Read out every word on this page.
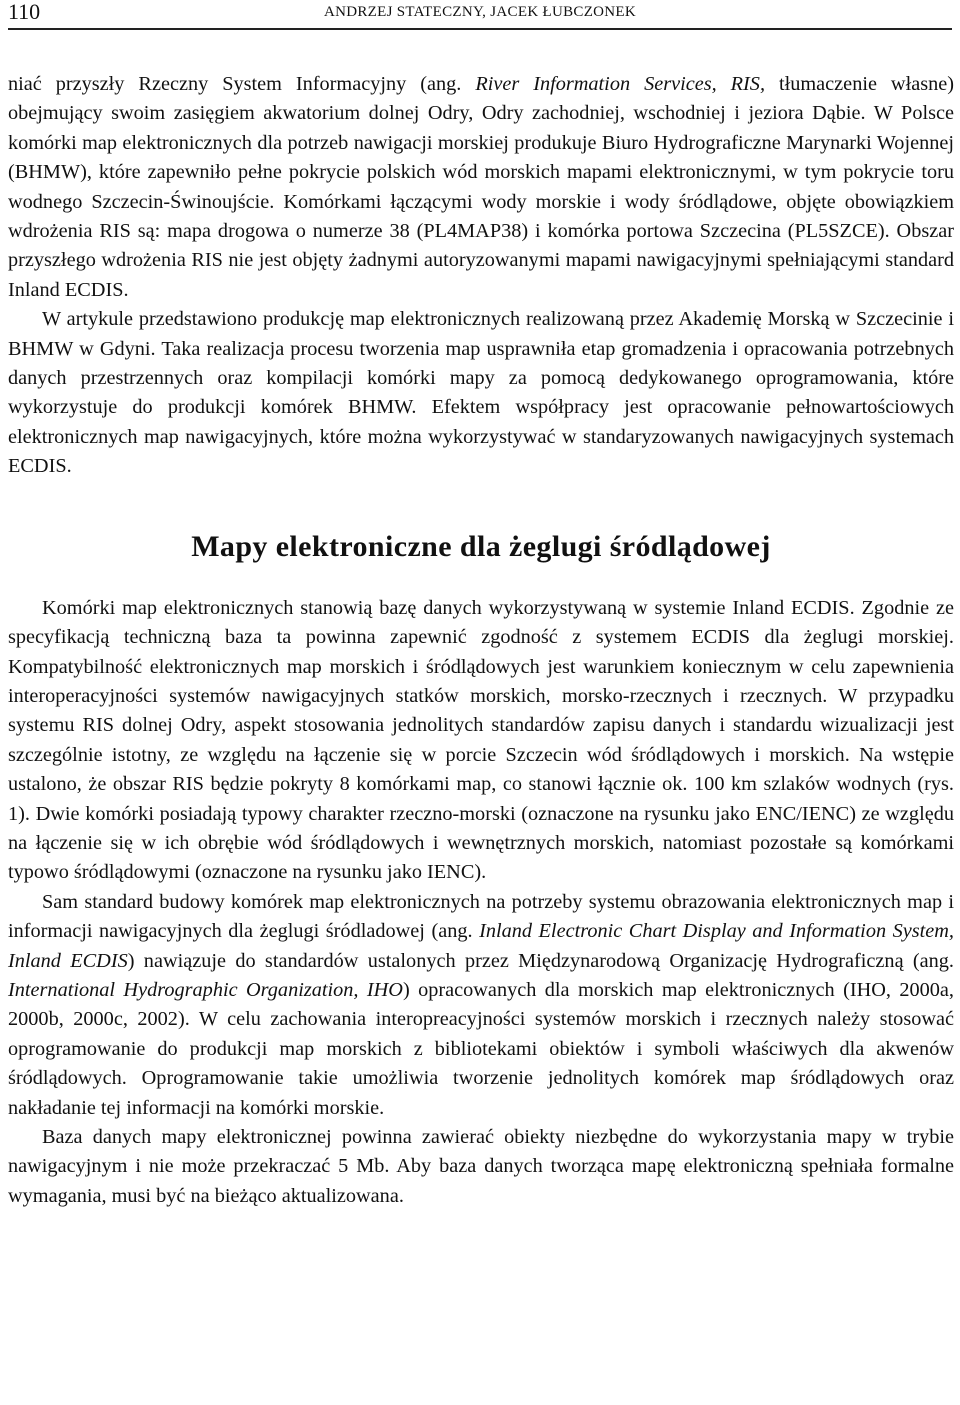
110	ANDRZEJ STATECZNY, JACEK ŁUBCZONEK

niać przyszły Rzeczny System Informacyjny (ang. River Information Services, RIS, tłumaczenie własne) obejmujący swoim zasięgiem akwatorium dolnej Odry, Odry zachodniej, wschodniej i jeziora Dąbie. W Polsce komórki map elektronicznych dla potrzeb nawigacji morskiej produkuje Biuro Hydrograficzne Marynarki Wojennej (BHMW), które zapewniło pełne pokrycie polskich wód morskich mapami elektronicznymi, w tym pokrycie toru wodnego Szczecin-Świnoujście. Komórkami łączącymi wody morskie i wody śródlądowe, objęte obowiązkiem wdrożenia RIS są: mapa drogowa o numerze 38 (PL4MAP38) i komórka portowa Szczecina (PL5SZCE). Obszar przyszłego wdrożenia RIS nie jest objęty żadnymi autoryzowanymi mapami nawigacyjnymi spełniającymi standard Inland ECDIS.

W artykule przedstawiono produkcję map elektronicznych realizowaną przez Akademię Morską w Szczecinie i BHMW w Gdyni. Taka realizacja procesu tworzenia map usprawniła etap gromadzenia i opracowania potrzebnych danych przestrzennych oraz kompilacji komórki mapy za pomocą dedykowanego oprogramowania, które wykorzystuje do produkcji komórek BHMW. Efektem współpracy jest opracowanie pełnowartościowych elektronicznych map nawigacyjnych, które można wykorzystywać w standaryzowanych nawigacyjnych systemach ECDIS.

Mapy elektroniczne dla żeglugi śródlądowej

Komórki map elektronicznych stanowią bazę danych wykorzystywaną w systemie Inland ECDIS. Zgodnie ze specyfikacją techniczną baza ta powinna zapewnić zgodność z systemem ECDIS dla żeglugi morskiej. Kompatybilność elektronicznych map morskich i śródlądowych jest warunkiem koniecznym w celu zapewnienia interoperacyjności systemów nawigacyjnych statków morskich, morsko-rzecznych i rzecznych. W przypadku systemu RIS dolnej Odry, aspekt stosowania jednolitych standardów zapisu danych i standardu wizualizacji jest szczególnie istotny, ze względu na łączenie się w porcie Szczecin wód śródlądowych i morskich. Na wstępie ustalono, że obszar RIS będzie pokryty 8 komórkami map, co stanowi łącznie ok. 100 km szlaków wodnych (rys. 1). Dwie komórki posiadają typowy charakter rzeczno-morski (oznaczone na rysunku jako ENC/IENC) ze względu na łączenie się w ich obrębie wód śródlądowych i wewnętrznych morskich, natomiast pozostałe są komórkami typowo śródlądowymi (oznaczone na rysunku jako IENC).

Sam standard budowy komórek map elektronicznych na potrzeby systemu obrazowania elektronicznych map i informacji nawigacyjnych dla żeglugi śródladowej (ang. Inland Electronic Chart Display and Information System, Inland ECDIS) nawiązuje do standardów ustalonych przez Międzynarodową Organizację Hydrograficzną (ang. International Hydrographic Organization, IHO) opracowanych dla morskich map elektronicznych (IHO, 2000a, 2000b, 2000c, 2002). W celu zachowania interopreacyjności systemów morskich i rzecznych należy stosować oprogramowanie do produkcji map morskich z bibliotekami obiektów i symboli właściwych dla akwenów śródlądowych. Oprogramowanie takie umożliwia tworzenie jednolitych komórek map śródlądowych oraz nakładanie tej informacji na komórki morskie.

Baza danych mapy elektronicznej powinna zawierać obiekty niezbędne do wykorzystania mapy w trybie nawigacyjnym i nie może przekraczać 5 Mb. Aby baza danych tworząca mapę elektroniczną spełniała formalne wymagania, musi być na bieżąco aktualizowana.
